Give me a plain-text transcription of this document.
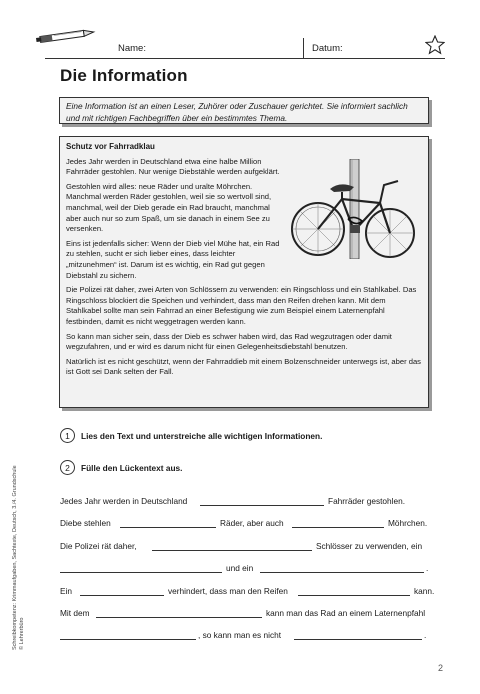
Name:	Datum:
Die Information
Eine Information ist an einen Leser, Zuhörer oder Zuschauer gerichtet. Sie informiert sachlich und mit richtigen Fachbegriffen über ein bestimmtes Thema.
Schutz vor Fahrradklau

Jedes Jahr werden in Deutschland etwa eine halbe Million Fahrräder gestohlen. Nur wenige Diebstähle werden aufgeklärt.

Gestohlen wird alles: neue Räder und uralte Möhrchen. Manchmal werden Räder gestohlen, weil sie so wertvoll sind, manchmal, weil der Dieb gerade ein Rad braucht, manchmal aber auch nur so zum Spaß, um sie danach in einem See zu versenken.

Eins ist jedenfalls sicher: Wenn der Dieb viel Mühe hat, ein Rad zu stehlen, sucht er sich lieber eines, dass leichter „mitzunehmen“ ist. Darum ist es wichtig, ein Rad gut gegen Diebstahl zu sichern.

Die Polizei rät daher, zwei Arten von Schlössern zu verwenden: ein Ringschloss und ein Stahlkabel. Das Ringschloss blockiert die Speichen und verhindert, dass man den Reifen drehen kann. Mit dem Stahlkabel sollte man sein Fahrrad an einer Befestigung wie zum Beispiel einem Laternenpfahl festbinden, damit es nicht weggetragen werden kann.

So kann man sicher sein, dass der Dieb es schwer haben wird, das Rad wegzutragen oder damit wegzufahren, und er wird es darum nicht für einen Gelegenheitsdiebstahl benutzen.

Natürlich ist es nicht geschützt, wenn der Fahrraddieb mit einem Bolzenschneider unterwegs ist, aber das ist Gott sei Dank selten der Fall.

1	Lies den Text und unterstreiche alle wichtigen Informationen.
2	Fülle den Lückentext aus.
Jedes Jahr werden in Deutschland	Fahrräder gestohlen.
Diebe stehlen	Räder, aber auch	Möhrchen.
Die Polizei rät daher,	Schlösser zu verwenden, ein
und ein	.
Ein	verhindert, dass man den Reifen	kann.
Mit dem	kann man das Rad an einem Laternenpfahl
, so kann man es nicht	.
Schreibkompetenz: Krimmaufgaben, Sachtexte, Deutsch, 3./4. Grundschule © Lehrerbüro
2
